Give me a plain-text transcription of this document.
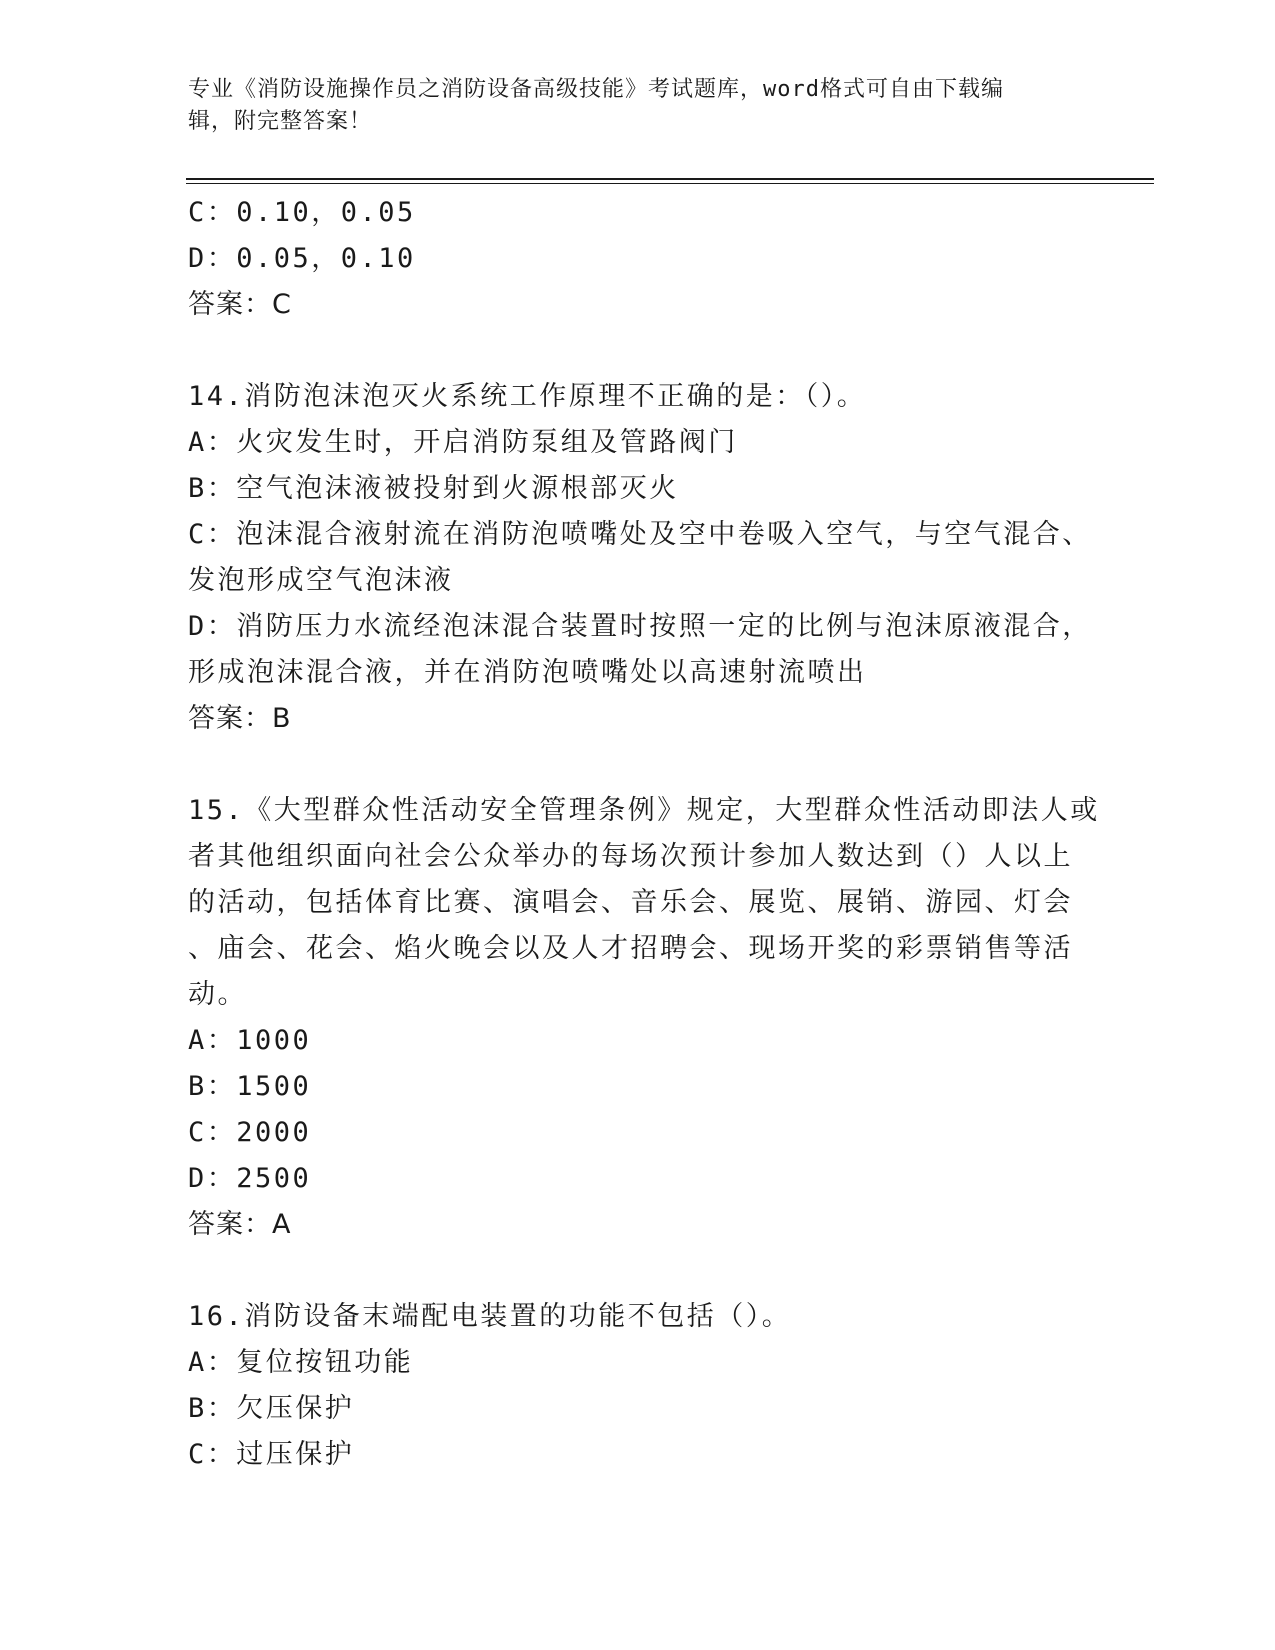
专业《消防设施操作员之消防设备高级技能》考试题库，word格式可自由下载编
辑，附完整答案！
C：0.10，0.05
D：0.05，0.10
答案：C
14.消防泡沫泡灭火系统工作原理不正确的是：（）。
A：火灾发生时，开启消防泵组及管路阀门
B：空气泡沫液被投射到火源根部灭火
C：泡沫混合液射流在消防泡喷嘴处及空中卷吸入空气，与空气混合、
发泡形成空气泡沫液
D：消防压力水流经泡沫混合装置时按照一定的比例与泡沫原液混合，
形成泡沫混合液，并在消防泡喷嘴处以高速射流喷出
答案：B
15.《大型群众性活动安全管理条例》规定，大型群众性活动即法人或
者其他组织面向社会公众举办的每场次预计参加人数达到（）人以上
的活动，包括体育比赛、演唱会、音乐会、展览、展销、游园、灯会
、庙会、花会、焰火晚会以及人才招聘会、现场开奖的彩票销售等活
动。
A：1000
B：1500
C：2000
D：2500
答案：A
16.消防设备末端配电装置的功能不包括（）。
A：复位按钮功能
B：欠压保护
C：过压保护
